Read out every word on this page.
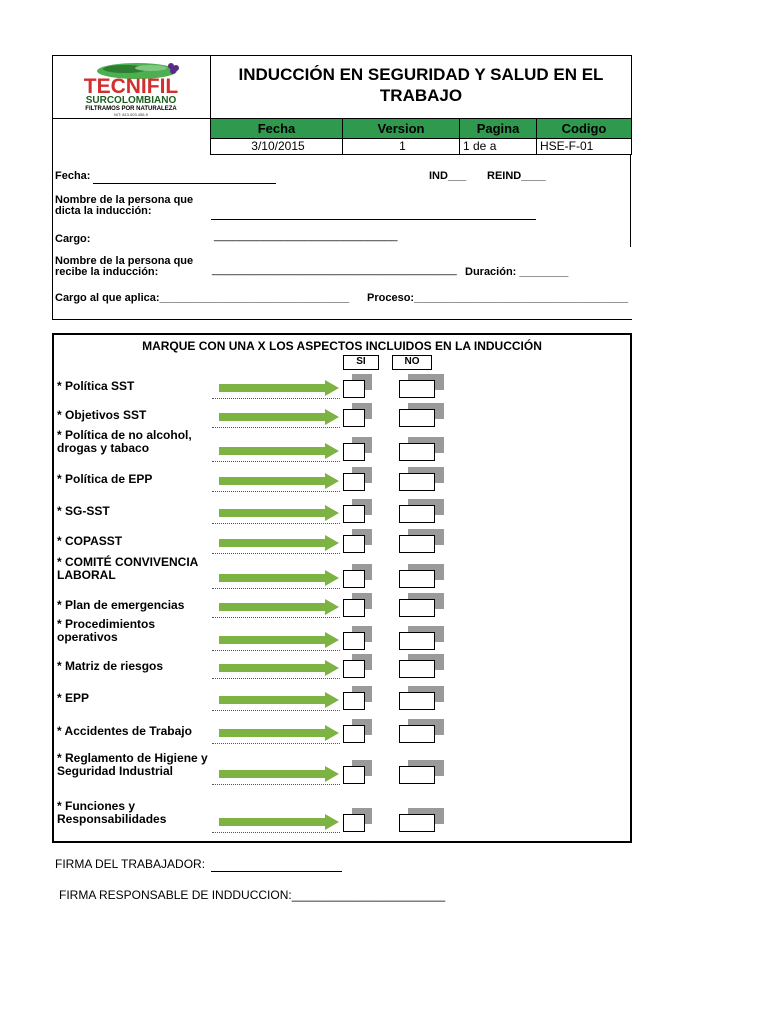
TECNIFIL
SURCOLOMBIANO
FILTRAMOS POR NATURALEZA
NIT: 813.003.456-9
INDUCCIÓN EN SEGURIDAD Y SALUD EN EL TRABAJO
Fecha	Version	Pagina	Codigo
3/10/2015	1	1 de a	HSE-F-01
Fecha:	IND___ REIND____
Nombre de la persona que
dicta la inducción:
Cargo:	______________________________
Nombre de la persona que
recibe la inducción:	________________________________________ Duración: ________
Cargo al que aplica:_______________________________ Proceso:___________________________________
MARQUE CON UNA X LOS ASPECTOS INCLUIDOS EN LA INDUCCIÓN
SI	NO
* Política SST
* Objetivos SST
* Política de no alcohol,
drogas y tabaco
* Política de EPP
* SG-SST
* COPASST
* COMITÉ CONVIVENCIA
LABORAL
* Plan de emergencias
* Procedimientos
operativos
* Matriz de riesgos
* EPP
* Accidentes de Trabajo
* Reglamento de Higiene y
Seguridad Industrial
* Funciones y
Responsabilidades
FIRMA DEL TRABAJADOR:
FIRMA RESPONSABLE DE INDDUCCION:_______________________
